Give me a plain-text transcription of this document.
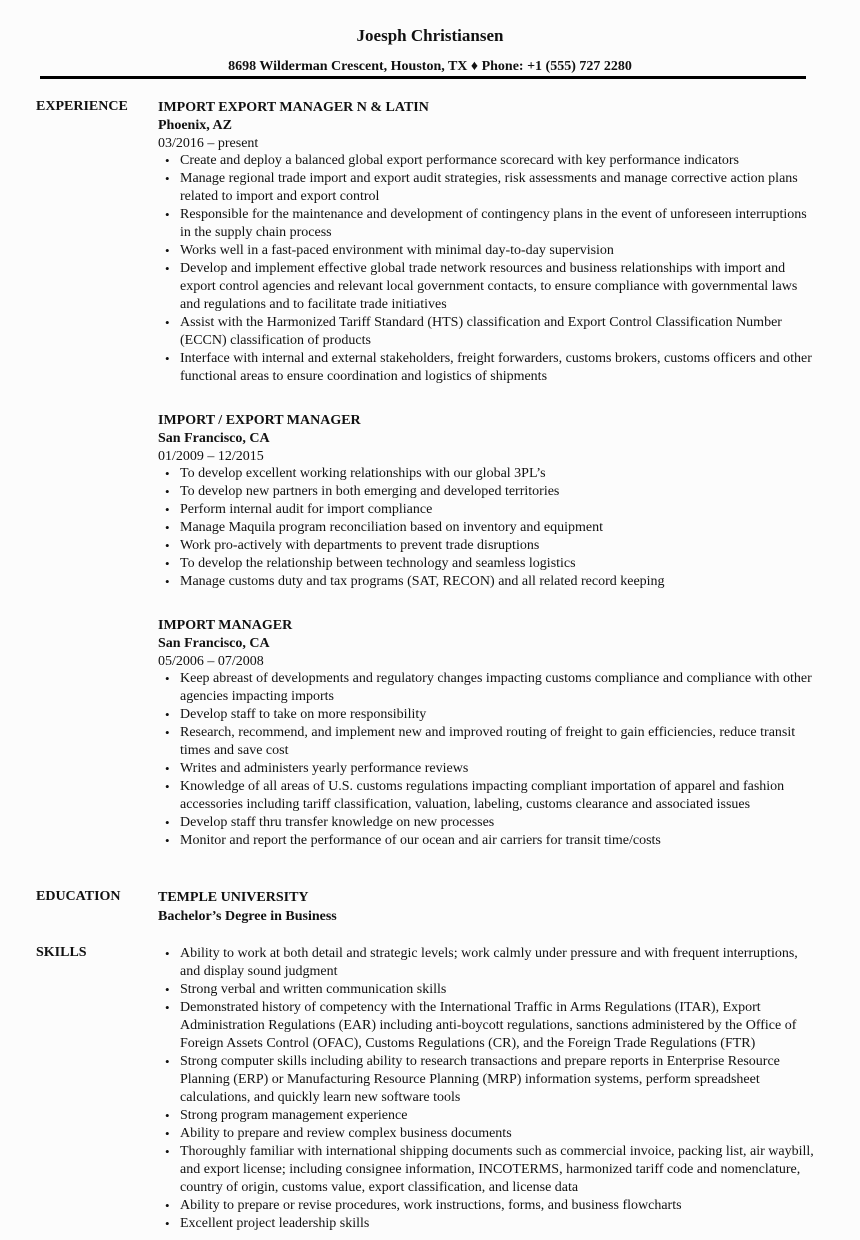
Joesph Christiansen
8698 Wilderman Crescent, Houston, TX ♦ Phone: +1 (555) 727 2280
EXPERIENCE	IMPORT EXPORT MANAGER N & LATIN
Phoenix, AZ
03/2016 – present
• Create and deploy a balanced global export performance scorecard with key performance indicators
• Manage regional trade import and export audit strategies, risk assessments and manage corrective action plans related to import and export control
• Responsible for the maintenance and development of contingency plans in the event of unforeseen interruptions in the supply chain process
• Works well in a fast-paced environment with minimal day-to-day supervision
• Develop and implement effective global trade network resources and business relationships with import and export control agencies and relevant local government contacts, to ensure compliance with governmental laws and regulations and to facilitate trade initiatives
• Assist with the Harmonized Tariff Standard (HTS) classification and Export Control Classification Number (ECCN) classification of products
• Interface with internal and external stakeholders, freight forwarders, customs brokers, customs officers and other functional areas to ensure coordination and logistics of shipments
IMPORT / EXPORT MANAGER
San Francisco, CA
01/2009 – 12/2015
• To develop excellent working relationships with our global 3PL’s
• To develop new partners in both emerging and developed territories
• Perform internal audit for import compliance
• Manage Maquila program reconciliation based on inventory and equipment
• Work pro-actively with departments to prevent trade disruptions
• To develop the relationship between technology and seamless logistics
• Manage customs duty and tax programs (SAT, RECON) and all related record keeping
IMPORT MANAGER
San Francisco, CA
05/2006 – 07/2008
• Keep abreast of developments and regulatory changes impacting customs compliance and compliance with other agencies impacting imports
• Develop staff to take on more responsibility
• Research, recommend, and implement new and improved routing of freight to gain efficiencies, reduce transit times and save cost
• Writes and administers yearly performance reviews
• Knowledge of all areas of U.S. customs regulations impacting compliant importation of apparel and fashion accessories including tariff classification, valuation, labeling, customs clearance and associated issues
• Develop staff thru transfer knowledge on new processes
• Monitor and report the performance of our ocean and air carriers for transit time/costs
EDUCATION	TEMPLE UNIVERSITY
Bachelor’s Degree in Business
SKILLS	• Ability to work at both detail and strategic levels; work calmly under pressure and with frequent interruptions, and display sound judgment
• Strong verbal and written communication skills
• Demonstrated history of competency with the International Traffic in Arms Regulations (ITAR), Export Administration Regulations (EAR) including anti-boycott regulations, sanctions administered by the Office of Foreign Assets Control (OFAC), Customs Regulations (CR), and the Foreign Trade Regulations (FTR)
• Strong computer skills including ability to research transactions and prepare reports in Enterprise Resource Planning (ERP) or Manufacturing Resource Planning (MRP) information systems, perform spreadsheet calculations, and quickly learn new software tools
• Strong program management experience
• Ability to prepare and review complex business documents
• Thoroughly familiar with international shipping documents such as commercial invoice, packing list, air waybill, and export license; including consignee information, INCOTERMS, harmonized tariff code and nomenclature, country of origin, customs value, export classification, and license data
• Ability to prepare or revise procedures, work instructions, forms, and business flowcharts
• Excellent project leadership skills
